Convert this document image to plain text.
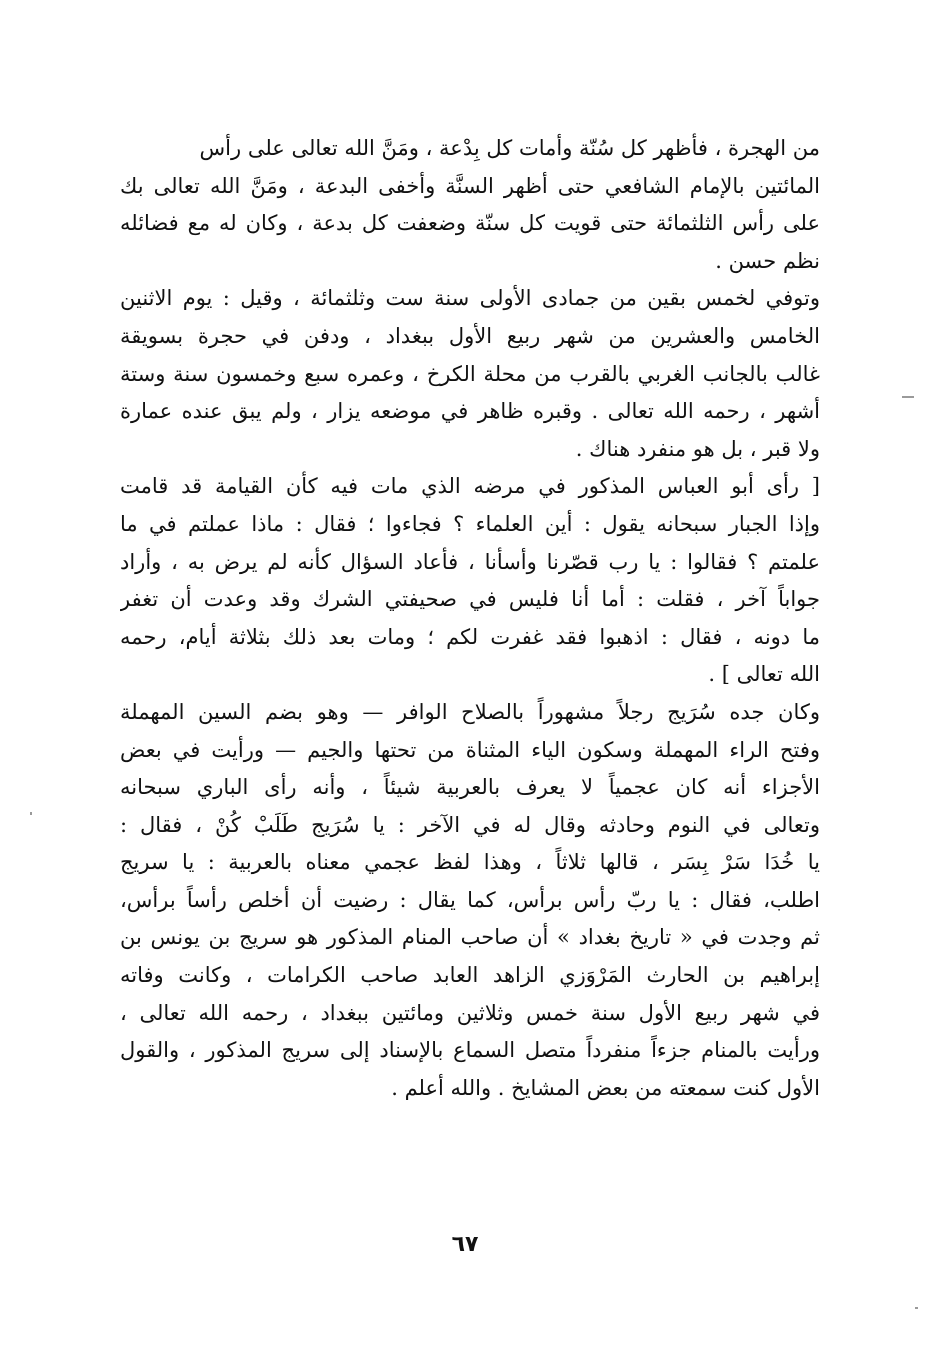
من الهجرة ، فأظهر كل سُنّة وأمات كل بِدْعة ، ومَنَّ الله تعالى على رأس
المائتين بالإمام الشافعي حتى أظهر السنَّة وأخفى البدعة ، ومَنَّ الله تعالى بك
على رأس الثلثمائة حتى قويت كل سنّة وضعفت كل بدعة ، وكان له مع فضائله
نظم حسن .
وتوفي لخمس بقين من جمادى الأولى سنة ست وثلثمائة ، وقيل : يوم الاثنين
الخامس والعشرين من شهر ربيع الأول ببغداد ، ودفن في حجرة بسويقة
غالب بالجانب الغربي بالقرب من محلة الكرخ ، وعمره سبع وخمسون سنة وستة
أشهر ، رحمه الله تعالى . وقبره ظاهر في موضعه يزار ، ولم يبق عنده عمارة
ولا قبر ، بل هو منفرد هناك .
[ رأى أبو العباس المذكور في مرضه الذي مات فيه كأن القيامة قد قامت
وإذا الجبار سبحانه يقول : أين العلماء ؟ فجاءوا ؛ فقال : ماذا عملتم في ما
علمتم ؟ فقالوا : يا رب قصّرنا وأسأنا ، فأعاد السؤال كأنه لم يرض به ، وأراد
جواباً آخر ، فقلت : أما أنا فليس في صحيفتي الشرك وقد وعدت أن تغفر
ما دونه ، فقال : اذهبوا فقد غفرت لكم ؛ ومات بعد ذلك بثلاثة أيام، رحمه
الله تعالى ] .
وكان جده سُرَيج رجلاً مشهوراً بالصلاح الوافر — وهو بضم السين المهملة
وفتح الراء المهملة وسكون الياء المثناة من تحتها والجيم — ورأيت في بعض
الأجزاء أنه كان عجمياً لا يعرف بالعربية شيئاً ، وأنه رأى الباري سبحانه
وتعالى في النوم وحادثه وقال له في الآخر : يا سُرَيج طَلَبْ كُنْ ، فقال :
يا خُدَا سَرْ بِسَر ، قالها ثلاثاً ، وهذا لفظ عجمي معناه بالعربية : يا سريج
اطلب، فقال : يا ربّ رأس برأس، كما يقال : رضيت أن أخلص رأساً برأس،
ثم وجدت في « تاريخ بغداد » أن صاحب المنام المذكور هو سريج بن يونس بن
إبراهيم بن الحارث المَرْوَزي الزاهد العابد صاحب الكرامات ، وكانت وفاته
في شهر ربيع الأول سنة خمس وثلاثين ومائتين ببغداد ، رحمه الله تعالى ،
ورأيت بالمنام جزءاً منفرداً متصل السماع بالإسناد إلى سريج المذكور ، والقول
الأول كنت سمعته من بعض المشايخ . والله أعلم .
٦٧
